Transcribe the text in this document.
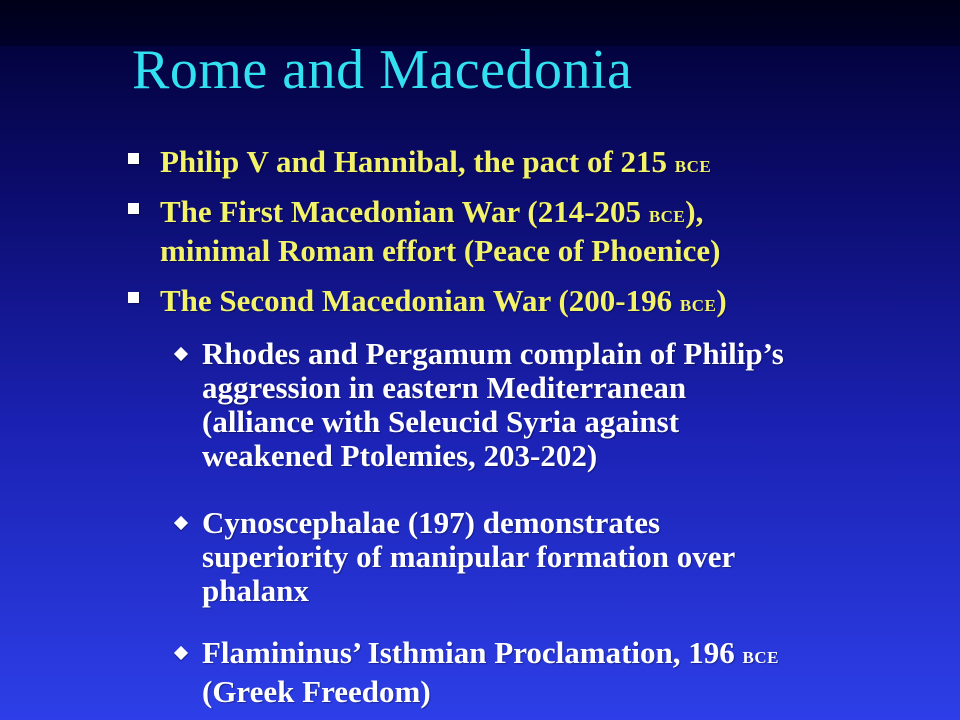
Rome and Macedonia
Philip V and Hannibal, the pact of 215 BCE
The First Macedonian War (214-205 BCE),
minimal Roman effort (Peace of Phoenice)
The Second Macedonian War (200-196 BCE)
Rhodes and Pergamum complain of Philip’s
aggression in eastern Mediterranean
(alliance with Seleucid Syria against
weakened Ptolemies, 203-202)
Cynoscephalae (197) demonstrates
superiority of manipular formation over
phalanx
Flamininus’ Isthmian Proclamation, 196 BCE
(Greek Freedom)
